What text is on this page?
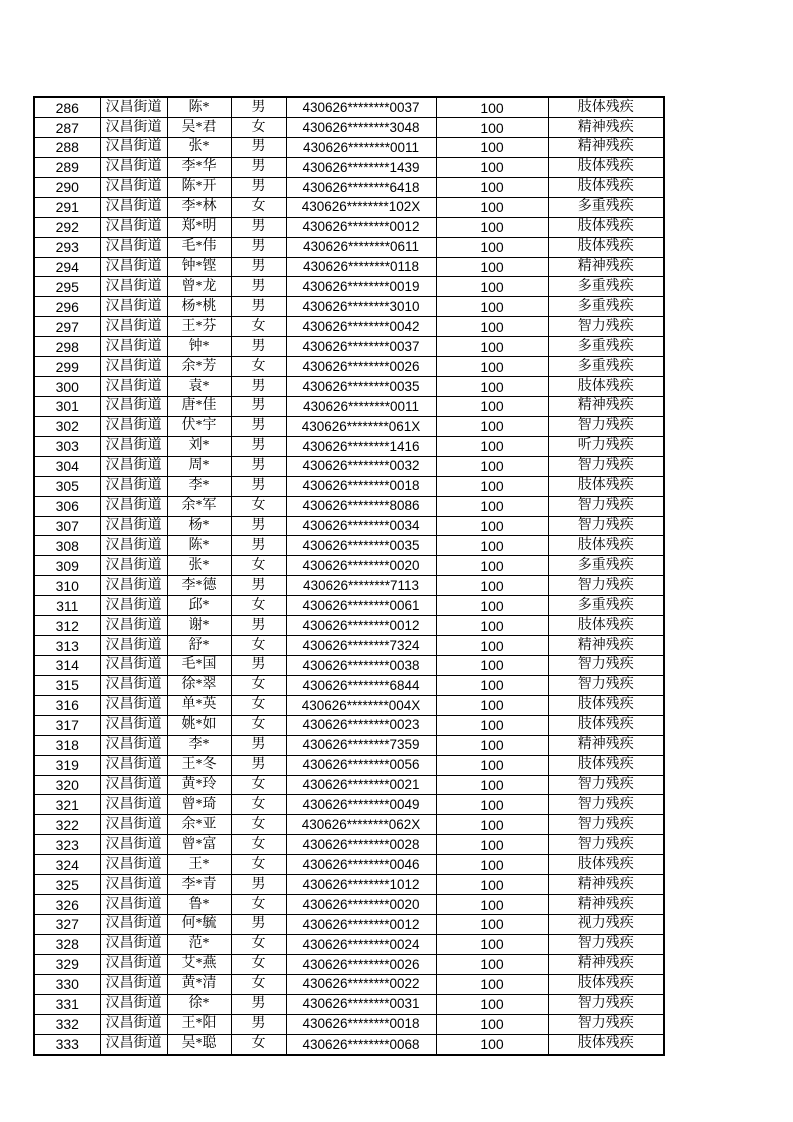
286	汉昌街道	陈*	男	430626********0037	100	肢体残疾
287	汉昌街道	吴*君	女	430626********3048	100	精神残疾
288	汉昌街道	张*	男	430626********0011	100	精神残疾
289	汉昌街道	李*华	男	430626********1439	100	肢体残疾
290	汉昌街道	陈*开	男	430626********6418	100	肢体残疾
291	汉昌街道	李*林	女	430626********102X	100	多重残疾
292	汉昌街道	郑*明	男	430626********0012	100	肢体残疾
293	汉昌街道	毛*伟	男	430626********0611	100	肢体残疾
294	汉昌街道	钟*铿	男	430626********0118	100	精神残疾
295	汉昌街道	曾*龙	男	430626********0019	100	多重残疾
296	汉昌街道	杨*桃	男	430626********3010	100	多重残疾
297	汉昌街道	王*芬	女	430626********0042	100	智力残疾
298	汉昌街道	钟*	男	430626********0037	100	多重残疾
299	汉昌街道	余*芳	女	430626********0026	100	多重残疾
300	汉昌街道	袁*	男	430626********0035	100	肢体残疾
301	汉昌街道	唐*佳	男	430626********0011	100	精神残疾
302	汉昌街道	伏*宇	男	430626********061X	100	智力残疾
303	汉昌街道	刘*	男	430626********1416	100	听力残疾
304	汉昌街道	周*	男	430626********0032	100	智力残疾
305	汉昌街道	李*	男	430626********0018	100	肢体残疾
306	汉昌街道	余*军	女	430626********8086	100	智力残疾
307	汉昌街道	杨*	男	430626********0034	100	智力残疾
308	汉昌街道	陈*	男	430626********0035	100	肢体残疾
309	汉昌街道	张*	女	430626********0020	100	多重残疾
310	汉昌街道	李*德	男	430626********7113	100	智力残疾
311	汉昌街道	邱*	女	430626********0061	100	多重残疾
312	汉昌街道	谢*	男	430626********0012	100	肢体残疾
313	汉昌街道	舒*	女	430626********7324	100	精神残疾
314	汉昌街道	毛*国	男	430626********0038	100	智力残疾
315	汉昌街道	徐*翠	女	430626********6844	100	智力残疾
316	汉昌街道	单*英	女	430626********004X	100	肢体残疾
317	汉昌街道	姚*如	女	430626********0023	100	肢体残疾
318	汉昌街道	李*	男	430626********7359	100	精神残疾
319	汉昌街道	王*冬	男	430626********0056	100	肢体残疾
320	汉昌街道	黄*玲	女	430626********0021	100	智力残疾
321	汉昌街道	曾*琦	女	430626********0049	100	智力残疾
322	汉昌街道	余*亚	女	430626********062X	100	智力残疾
323	汉昌街道	曾*富	女	430626********0028	100	智力残疾
324	汉昌街道	王*	女	430626********0046	100	肢体残疾
325	汉昌街道	李*青	男	430626********1012	100	精神残疾
326	汉昌街道	鲁*	女	430626********0020	100	精神残疾
327	汉昌街道	何*毓	男	430626********0012	100	视力残疾
328	汉昌街道	范*	女	430626********0024	100	智力残疾
329	汉昌街道	艾*燕	女	430626********0026	100	精神残疾
330	汉昌街道	黄*清	女	430626********0022	100	肢体残疾
331	汉昌街道	徐*	男	430626********0031	100	智力残疾
332	汉昌街道	王*阳	男	430626********0018	100	智力残疾
333	汉昌街道	吴*聪	女	430626********0068	100	肢体残疾
